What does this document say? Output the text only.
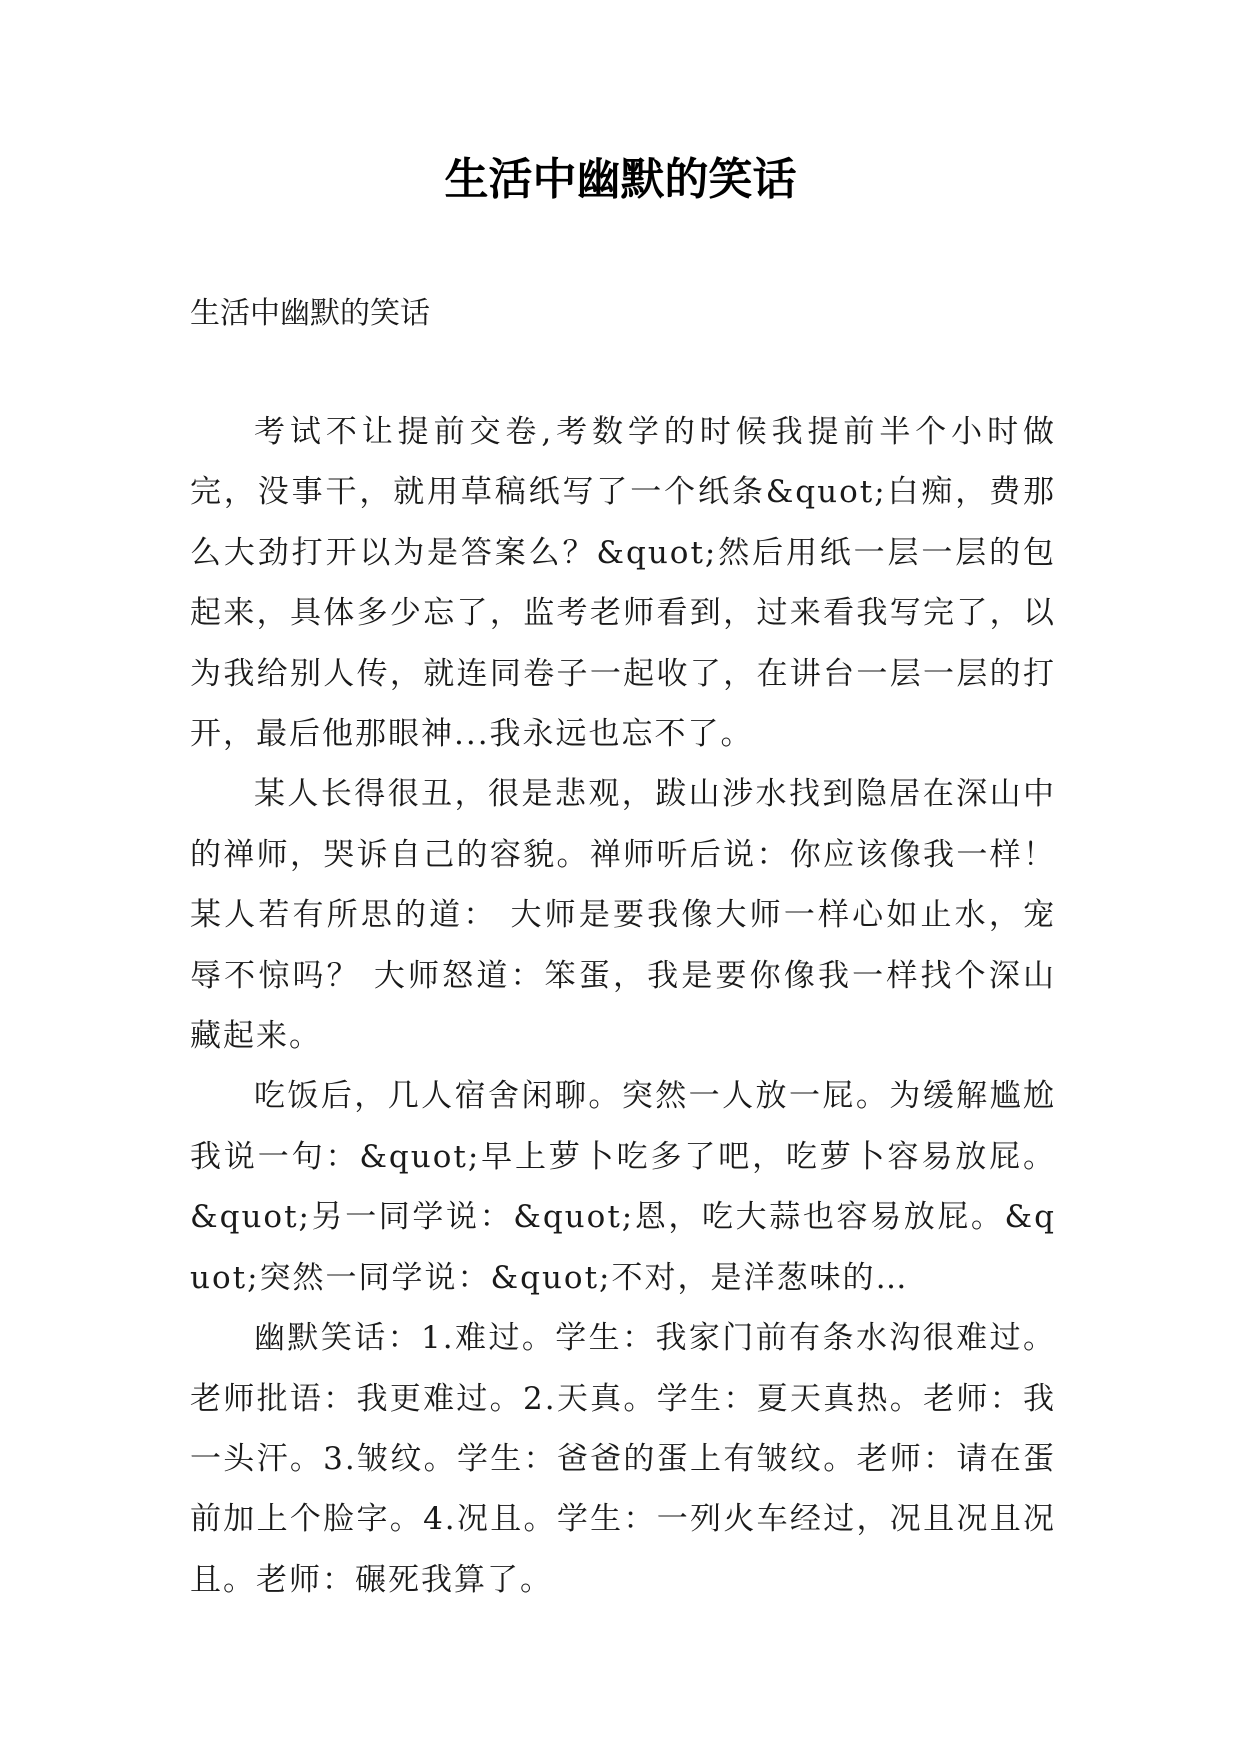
生活中幽默的笑话

生活中幽默的笑话

考试不让提前交卷,考数学的时候我提前半个小时做完，没事干，就用草稿纸写了一个纸条&quot;白痴，费那么大劲打开以为是答案么？&quot;然后用纸一层一层的包起来，具体多少忘了，监考老师看到，过来看我写完了，以为我给别人传，就连同卷子一起收了，在讲台一层一层的打开，最后他那眼神...我永远也忘不了。

某人长得很丑，很是悲观，跋山涉水找到隐居在深山中的禅师，哭诉自己的容貌。禅师听后说：你应该像我一样！某人若有所思的道： 大师是要我像大师一样心如止水，宠辱不惊吗？ 大师怒道：笨蛋，我是要你像我一样找个深山藏起来。

吃饭后，几人宿舍闲聊。突然一人放一屁。为缓解尴尬我说一句：&quot;早上萝卜吃多了吧，吃萝卜容易放屁。&quot;另一同学说：&quot;恩，吃大蒜也容易放屁。&quot;突然一同学说：&quot;不对，是洋葱味的…

幽默笑话：1.难过。学生：我家门前有条水沟很难过。老师批语：我更难过。2.天真。学生：夏天真热。老师：我一头汗。3.皱纹。学生：爸爸的蛋上有皱纹。老师：请在蛋前加上个脸字。4.况且。学生：一列火车经过，况且况且况且。老师：碾死我算了。
